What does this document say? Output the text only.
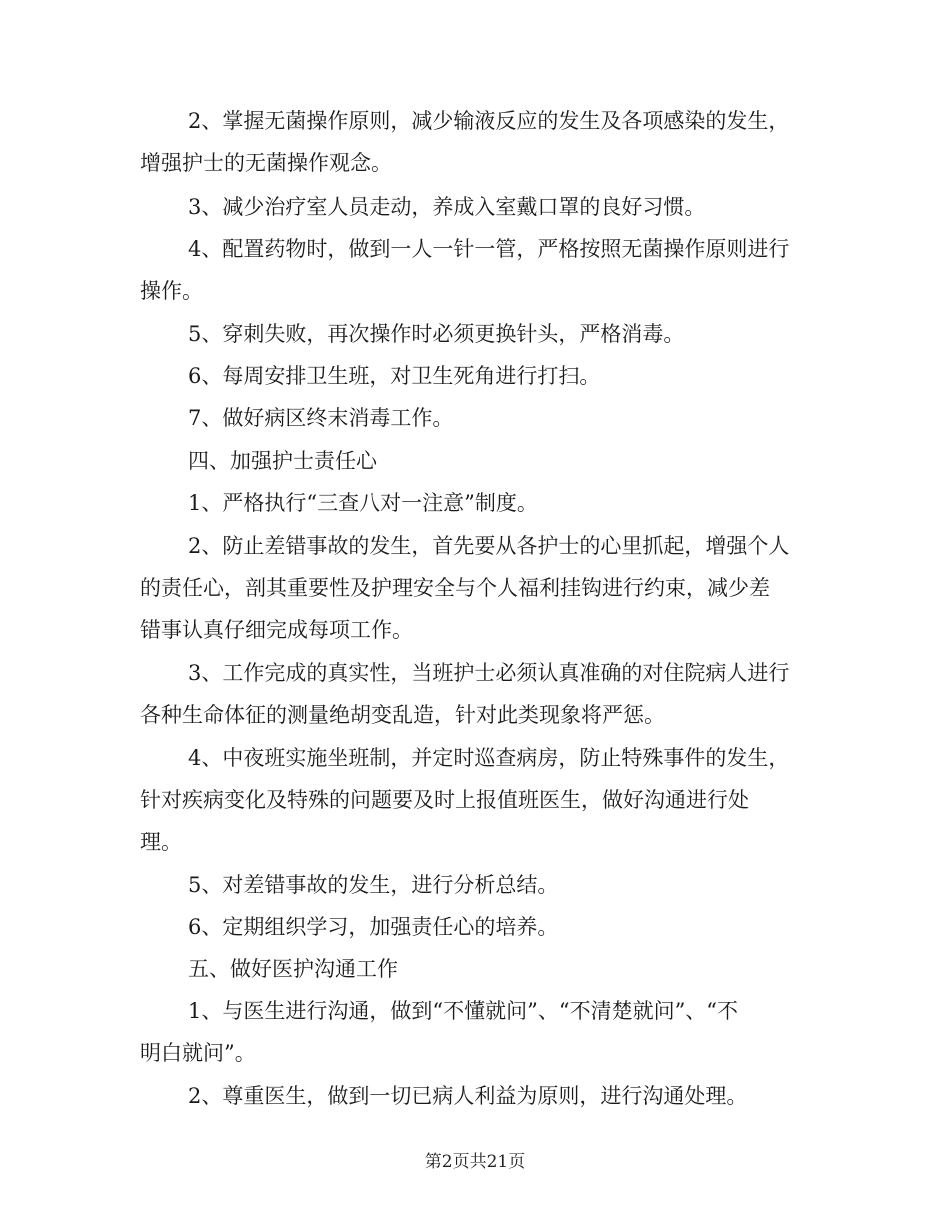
2、掌握无菌操作原则，减少输液反应的发生及各项感染的发生，
增强护士的无菌操作观念。
3、减少治疗室人员走动，养成入室戴口罩的良好习惯。
4、配置药物时，做到一人一针一管，严格按照无菌操作原则进行
操作。
5、穿刺失败，再次操作时必须更换针头，严格消毒。
6、每周安排卫生班，对卫生死角进行打扫。
7、做好病区终末消毒工作。
四、加强护士责任心
1、严格执行“三查八对一注意”制度。
2、防止差错事故的发生，首先要从各护士的心里抓起，增强个人
的责任心，剖其重要性及护理安全与个人福利挂钩进行约束，减少差
错事认真仔细完成每项工作。
3、工作完成的真实性，当班护士必须认真准确的对住院病人进行
各种生命体征的测量绝胡变乱造，针对此类现象将严惩。
4、中夜班实施坐班制，并定时巡查病房，防止特殊事件的发生，
针对疾病变化及特殊的问题要及时上报值班医生，做好沟通进行处
理。
5、对差错事故的发生，进行分析总结。
6、定期组织学习，加强责任心的培养。
五、做好医护沟通工作
1、与医生进行沟通，做到“不懂就问”、“不清楚就问”、“不
明白就问”。
2、尊重医生，做到一切已病人利益为原则，进行沟通处理。
第2页共21页
